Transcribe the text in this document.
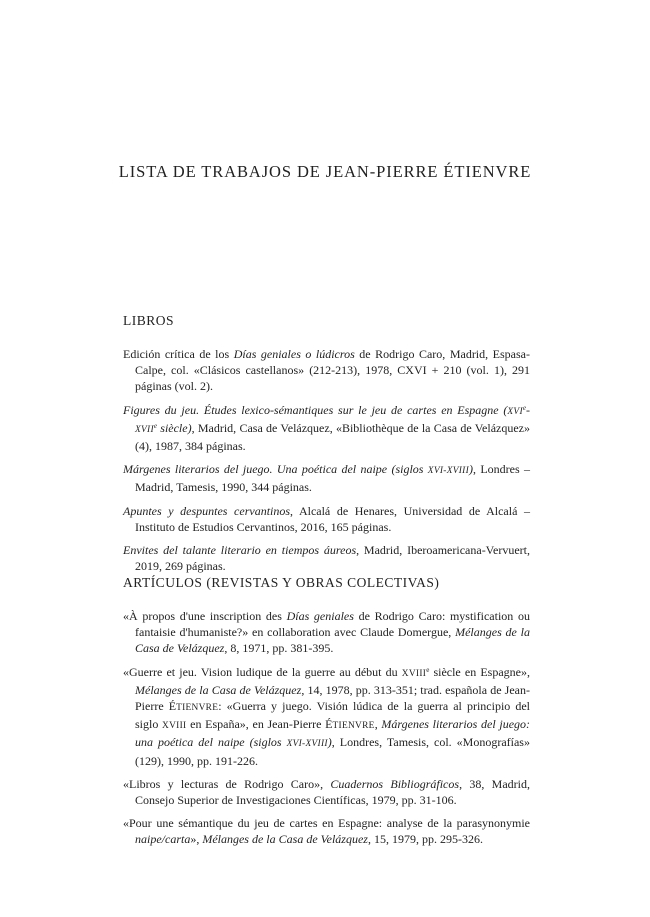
LISTA DE TRABAJOS DE JEAN-PIERRE ÉTIENVRE
LIBROS

Edición crítica de los Días geniales o lúdicros de Rodrigo Caro, Madrid, Espasa-Calpe, col. «Clásicos castellanos» (212-213), 1978, CXVI + 210 (vol. 1), 291 páginas (vol. 2).

Figures du jeu. Études lexico-sémantiques sur le jeu de cartes en Espagne (XVIe-XVIIe siècle), Madrid, Casa de Velázquez, «Bibliothèque de la Casa de Velázquez» (4), 1987, 384 páginas.

Márgenes literarios del juego. Una poética del naipe (siglos XVI-XVIII), Londres – Madrid, Tamesis, 1990, 344 páginas.

Apuntes y despuntes cervantinos, Alcalá de Henares, Universidad de Alcalá – Instituto de Estudios Cervantinos, 2016, 165 páginas.

Envites del talante literario en tiempos áureos, Madrid, Iberoamericana-Vervuert, 2019, 269 páginas.

ARTÍCULOS (REVISTAS Y OBRAS COLECTIVAS)

«À propos d'une inscription des Días geniales de Rodrigo Caro: mystification ou fantaisie d'humaniste?» en collaboration avec Claude Domergue, Mélanges de la Casa de Velázquez, 8, 1971, pp. 381-395.

«Guerre et jeu. Vision ludique de la guerre au début du XVIIIe siècle en Espagne», Mélanges de la Casa de Velázquez, 14, 1978, pp. 313-351; trad. española de Jean-Pierre ÉTIENVRE: «Guerra y juego. Visión lúdica de la guerra al principio del siglo XVIII en España», en Jean-Pierre ÉTIENVRE, Márgenes literarios del juego: una poética del naipe (siglos XVI-XVIII), Londres, Tamesis, col. «Monografías» (129), 1990, pp. 191-226.

«Libros y lecturas de Rodrigo Caro», Cuadernos Bibliográficos, 38, Madrid, Consejo Superior de Investigaciones Científicas, 1979, pp. 31-106.

«Pour une sémantique du jeu de cartes en Espagne: analyse de la parasynonymie naipe/carta», Mélanges de la Casa de Velázquez, 15, 1979, pp. 295-326.
